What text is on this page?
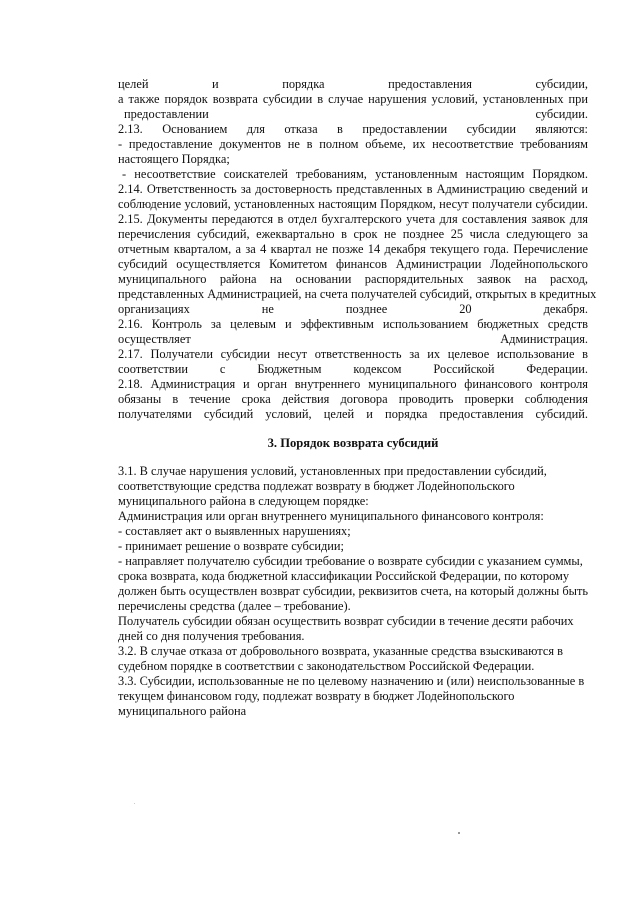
целей и порядка предоставления субсидии,
а также порядок возврата субсидии в случае нарушения условий, установленных при
предоставлении субсидии.
2.13. Основанием для отказа в предоставлении субсидии являются:
- предоставление документов не в полном объеме, их несоответствие требованиям
настоящего Порядка;
- несоответствие соискателей требованиям, установленным настоящим Порядком.
2.14. Ответственность за достоверность представленных в Администрацию сведений и
соблюдение условий, установленных настоящим Порядком, несут получатели субсидии.
2.15. Документы передаются в отдел бухгалтерского учета для составления заявок для
перечисления субсидий, ежеквартально в срок не позднее 25 числа следующего за
отчетным кварталом, а за 4 квартал не позже 14 декабря текущего года. Перечисление
субсидий осуществляется Комитетом финансов Администрации Лодейнопольского
муниципального района на основании распорядительных заявок на расход,
представленных Администрацией, на счета получателей субсидий, открытых в кредитных
организациях не позднее 20 декабря.
2.16. Контроль за целевым и эффективным использованием бюджетных средств
осуществляет Администрация.
2.17. Получатели субсидии несут ответственность за их целевое использование в
соответствии с Бюджетным кодексом Российской Федерации.
2.18. Администрация и орган внутреннего муниципального финансового контроля
обязаны в течение срока действия договора проводить проверки соблюдения
получателями субсидий условий, целей и порядка предоставления субсидий.
3. Порядок возврата субсидий
3.1. В случае нарушения условий, установленных при предоставлении субсидий,
соответствующие средства подлежат возврату в бюджет Лодейнопольского
муниципального района в следующем порядке:
Администрация или орган внутреннего муниципального финансового контроля:
- составляет акт о выявленных нарушениях;
- принимает решение о возврате субсидии;
- направляет получателю субсидии требование о возврате субсидии с указанием суммы,
срока возврата, кода бюджетной классификации Российской Федерации, по которому
должен быть осуществлен возврат субсидии, реквизитов счета, на который должны быть
перечислены средства (далее – требование).
Получатель субсидии обязан осуществить возврат субсидии в течение десяти рабочих
дней со дня получения требования.
3.2. В случае отказа от добровольного возврата, указанные средства взыскиваются в
судебном порядке в соответствии с законодательством Российской Федерации.
3.3. Субсидии, использованные не по целевому назначению и (или) неиспользованные в
текущем финансовом году, подлежат возврату в бюджет Лодейнопольского
муниципального района
